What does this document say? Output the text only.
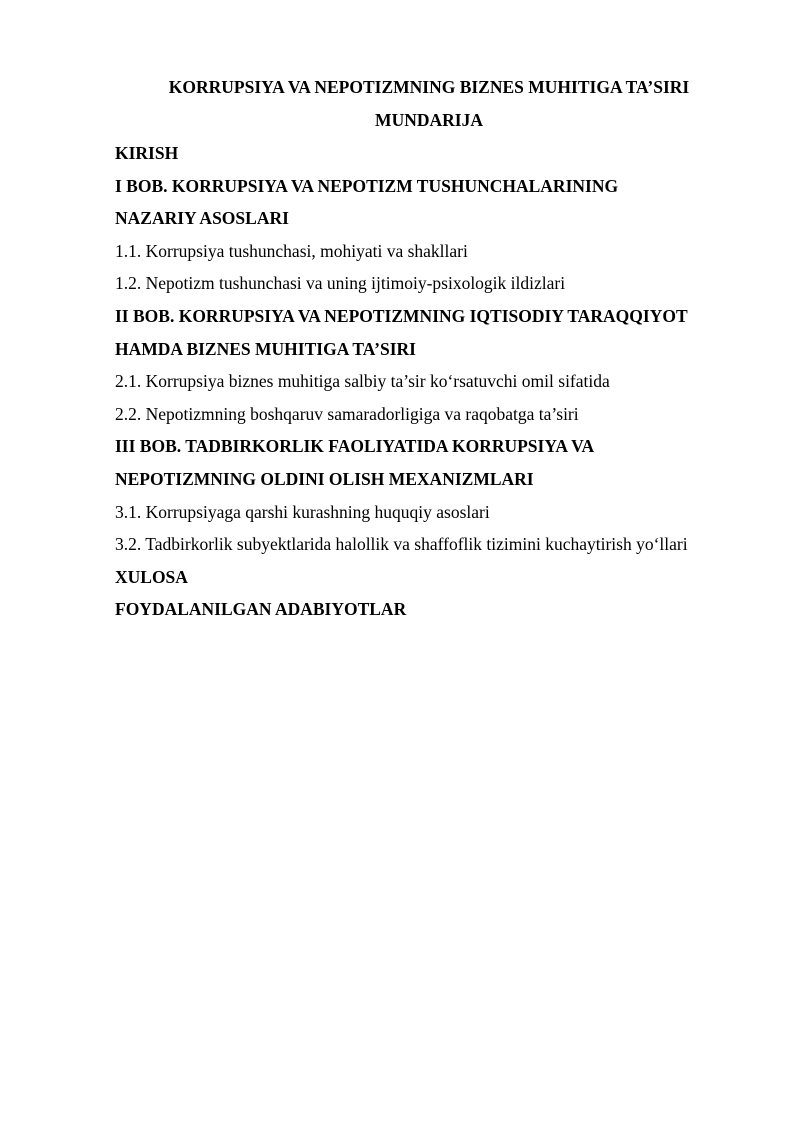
KORRUPSIYA VA NEPOTIZMNING BIZNES MUHITIGA TA’SIRI
MUNDARIJA
KIRISH
I BOB. KORRUPSIYA VA NEPOTIZM TUSHUNCHALARINING
NAZARIY ASOSLARI
1.1. Korrupsiya tushunchasi, mohiyati va shakllari
1.2. Nepotizm tushunchasi va uning ijtimoiy-psixologik ildizlari
II BOB. KORRUPSIYA VA NEPOTIZMNING IQTISODIY TARAQQIYOT
HAMDA BIZNES MUHITIGA TA’SIRI
2.1. Korrupsiya biznes muhitiga salbiy ta’sir ko‘rsatuvchi omil sifatida
2.2. Nepotizmning boshqaruv samaradorligiga va raqobatga ta’siri
III BOB. TADBIRKORLIK FAOLIYATIDA KORRUPSIYA VA
NEPOTIZMNING OLDINI OLISH MEXANIZMLARI
3.1. Korrupsiyaga qarshi kurashning huquqiy asoslari
3.2. Tadbirkorlik subyektlarida halollik va shaffoflik tizimini kuchaytirish yo‘llari
XULOSA
FOYDALANILGAN ADABIYOTLAR
